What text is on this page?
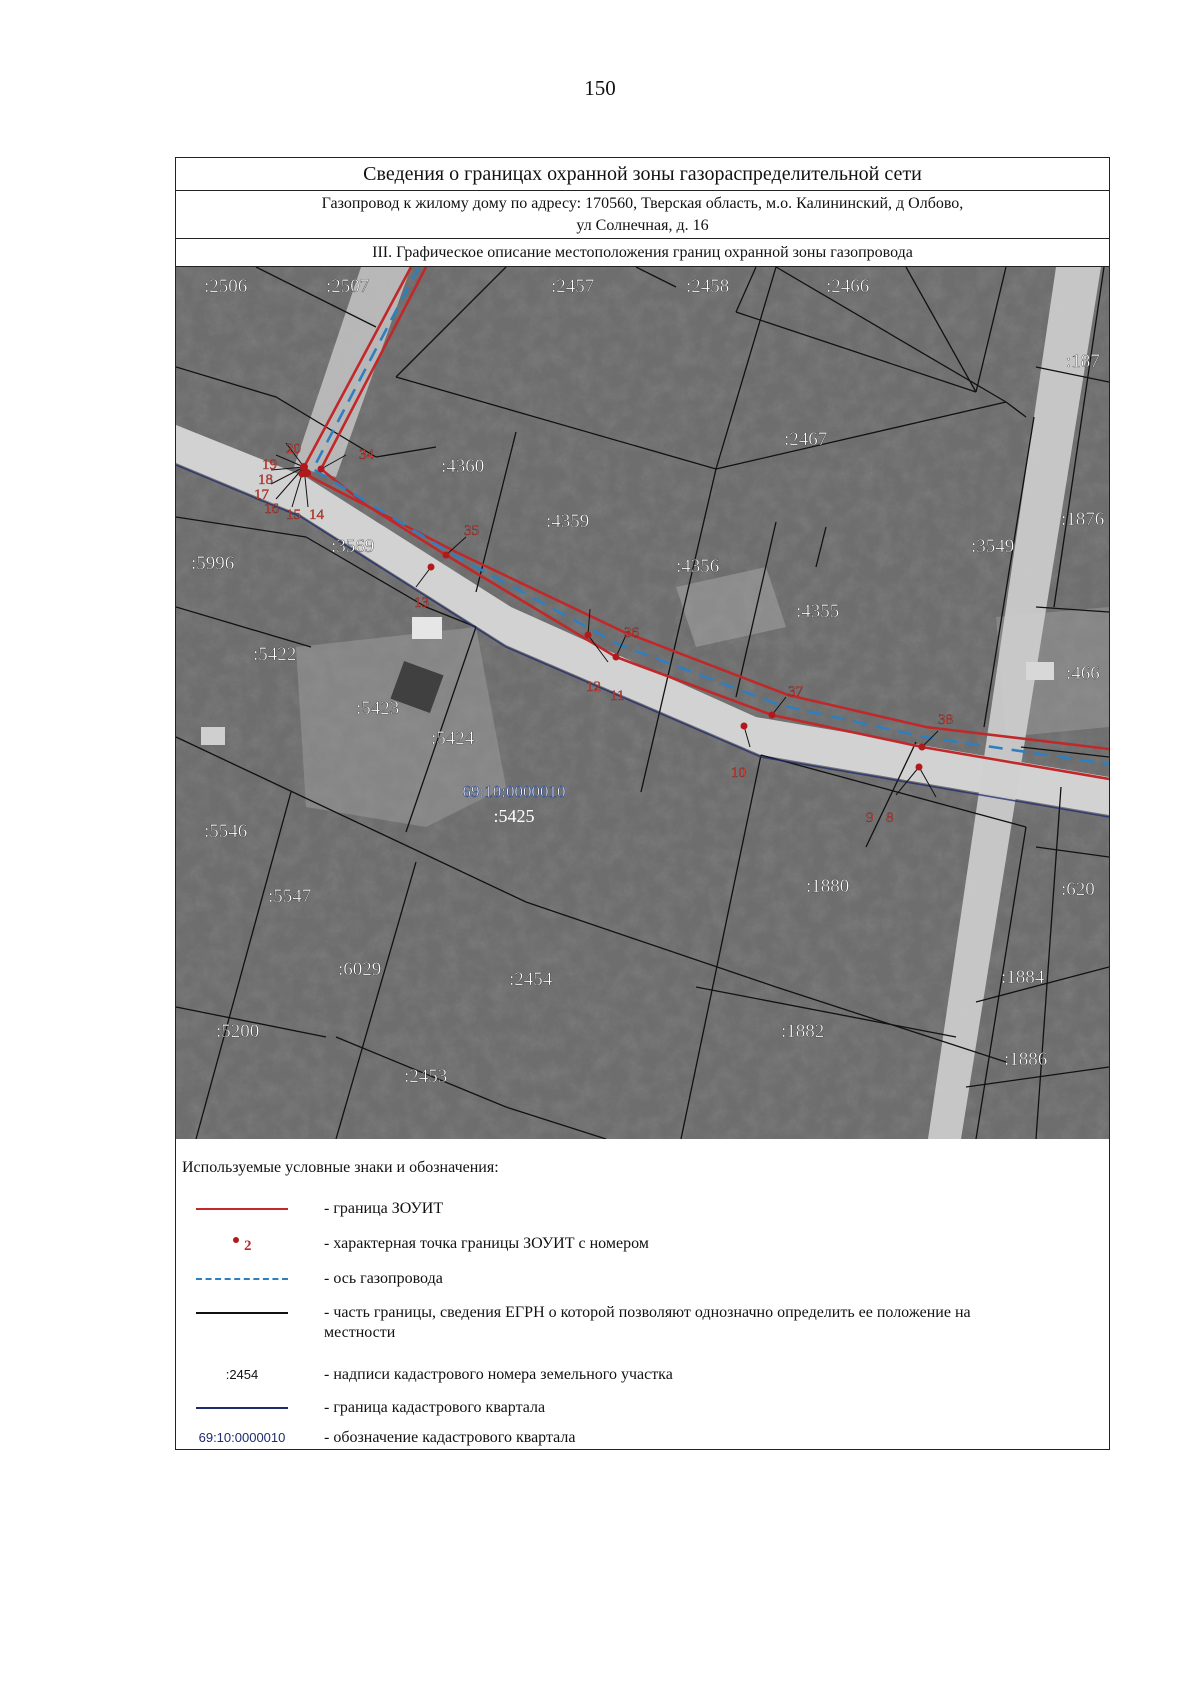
150
Сведения о границах охранной зоны газораспределительной сети
Газопровод к жилому дому по адресу: 170560, Тверская область, м.о. Калининский, д Олбово,
ул Солнечная, д. 16
III. Графическое описание местоположения границ охранной зоны газопровода
69:10:0000010
:5425
:2506	:2507	:2457	:2458	:2466
:187
:2467
:4360
:4359	:1876
:3549
:4356
:3569
:5996
:4355
:5422
:466
:5423
:5424
:5546
:1880	:620
:5547
:6029	:2454	:1884
:5200	:1882
:1886
:2453
8
9
10
11
12
13
14
15
16
17
18
19
20	34
35
36
37
38
Используемые условные знаки и обозначения:
- граница ЗОУИТ
2	- характерная точка границы ЗОУИТ с номером
- ось газопровода
- часть границы, сведения ЕГРН о которой позволяют однозначно определить ее положение на местности
:2454	- надписи кадастрового номера земельного участка
- граница кадастрового квартала
69:10:0000010 - обозначение кадастрового квартала
